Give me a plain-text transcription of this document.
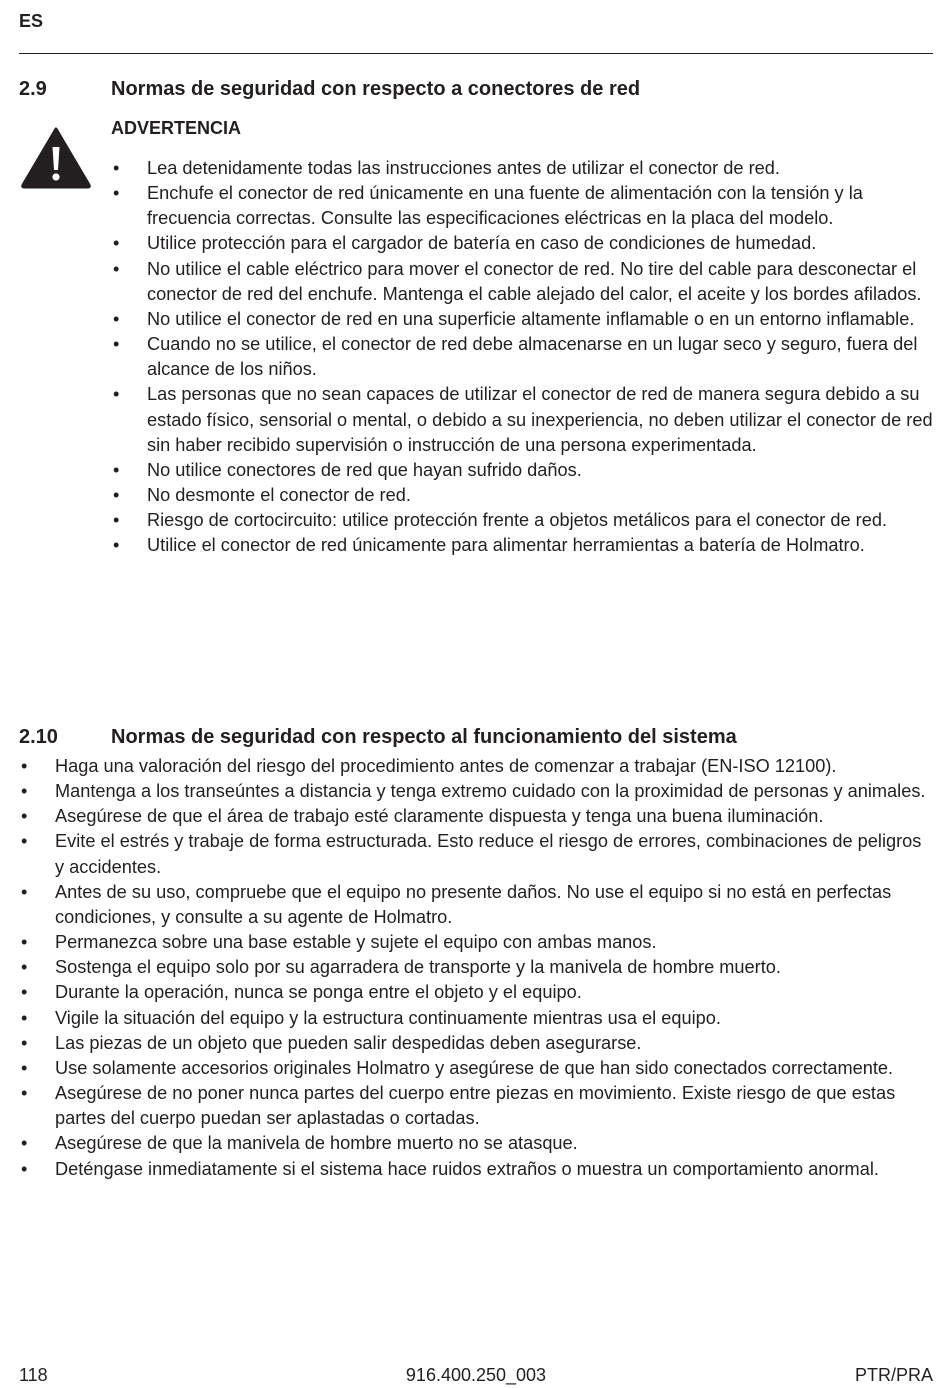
ES
2.9	Normas de seguridad con respecto a conectores de red
ADVERTENCIA
• Lea detenidamente todas las instrucciones antes de utilizar el conector de red.
• Enchufe el conector de red únicamente en una fuente de alimentación con la tensión y la frecuencia correctas. Consulte las especificaciones eléctricas en la placa del modelo.
• Utilice protección para el cargador de batería en caso de condiciones de humedad.
• No utilice el cable eléctrico para mover el conector de red. No tire del cable para desconectar el conector de red del enchufe. Mantenga el cable alejado del calor, el aceite y los bordes afilados.
• No utilice el conector de red en una superficie altamente inflamable o en un entorno inflamable.
• Cuando no se utilice, el conector de red debe almacenarse en un lugar seco y seguro, fuera del alcance de los niños.
• Las personas que no sean capaces de utilizar el conector de red de manera segura debido a su estado físico, sensorial o mental, o debido a su inexperiencia, no deben utilizar el conector de red sin haber recibido supervisión o instrucción de una persona experimentada.
• No utilice conectores de red que hayan sufrido daños.
• No desmonte el conector de red.
• Riesgo de cortocircuito: utilice protección frente a objetos metálicos para el conector de red.
• Utilice el conector de red únicamente para alimentar herramientas a batería de Holmatro.
2.10	Normas de seguridad con respecto al funcionamiento del sistema
• Haga una valoración del riesgo del procedimiento antes de comenzar a trabajar (EN-ISO 12100).
• Mantenga a los transeúntes a distancia y tenga extremo cuidado con la proximidad de personas y animales.
• Asegúrese de que el área de trabajo esté claramente dispuesta y tenga una buena iluminación.
• Evite el estrés y trabaje de forma estructurada. Esto reduce el riesgo de errores, combinaciones de peligros y accidentes.
• Antes de su uso, compruebe que el equipo no presente daños. No use el equipo si no está en perfectas condiciones, y consulte a su agente de Holmatro.
• Permanezca sobre una base estable y sujete el equipo con ambas manos.
• Sostenga el equipo solo por su agarradera de transporte y la manivela de hombre muerto.
• Durante la operación, nunca se ponga entre el objeto y el equipo.
• Vigile la situación del equipo y la estructura continuamente mientras usa el equipo.
• Las piezas de un objeto que pueden salir despedidas deben asegurarse.
• Use solamente accesorios originales Holmatro y asegúrese de que han sido conectados correctamente.
• Asegúrese de no poner nunca partes del cuerpo entre piezas en movimiento. Existe riesgo de que estas partes del cuerpo puedan ser aplastadas o cortadas.
• Asegúrese de que la manivela de hombre muerto no se atasque.
• Deténgase inmediatamente si el sistema hace ruidos extraños o muestra un comportamiento anormal.
118	916.400.250_003	PTR/PRA
